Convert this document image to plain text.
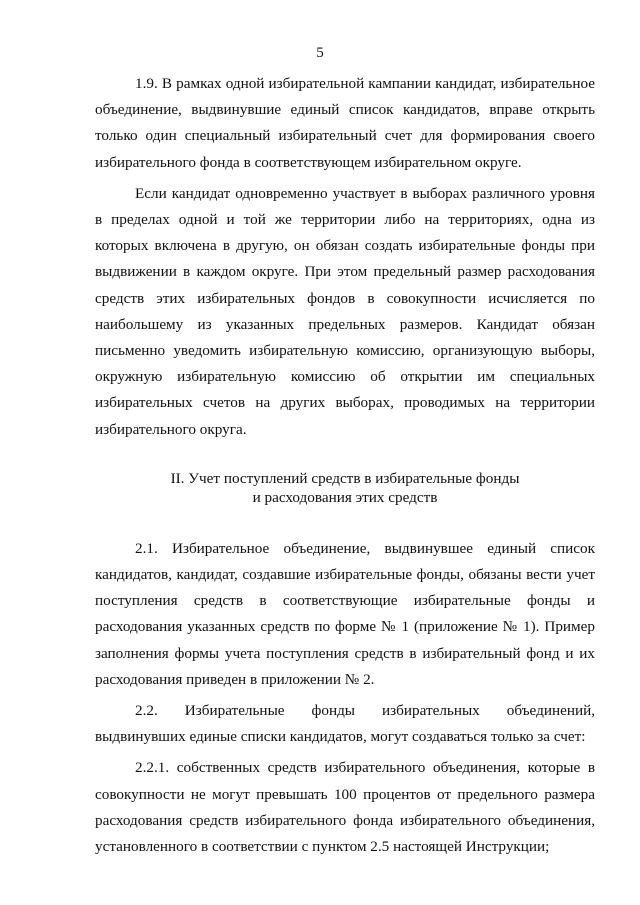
5

1.9. В рамках одной избирательной кампании кандидат, избирательное объединение, выдвинувшие единый список кандидатов, вправе открыть только один специальный избирательный счет для формирования своего избирательного фонда в соответствующем избирательном округе.

Если кандидат одновременно участвует в выборах различного уровня в пределах одной и той же территории либо на территориях, одна из которых включена в другую, он обязан создать избирательные фонды при выдвижении в каждом округе. При этом предельный размер расходования средств этих избирательных фондов в совокупности исчисляется по наибольшему из указанных предельных размеров. Кандидат обязан письменно уведомить избирательную комиссию, организующую выборы, окружную избирательную комиссию об открытии им специальных избирательных счетов на других выборах, проводимых на территории избирательного округа.

II. Учет поступлений средств в избирательные фонды
и расходования этих средств

2.1. Избирательное объединение, выдвинувшее единый список кандидатов, кандидат, создавшие избирательные фонды, обязаны вести учет поступления средств в соответствующие избирательные фонды и расходования указанных средств по форме № 1 (приложение № 1). Пример заполнения формы учета поступления средств в избирательный фонд и их расходования приведен в приложении № 2.

2.2. Избирательные фонды избирательных объединений, выдвинувших единые списки кандидатов, могут создаваться только за счет:

2.2.1. собственных средств избирательного объединения, которые в совокупности не могут превышать 100 процентов от предельного размера расходования средств избирательного фонда избирательного объединения, установленного в соответствии с пунктом 2.5 настоящей Инструкции;
